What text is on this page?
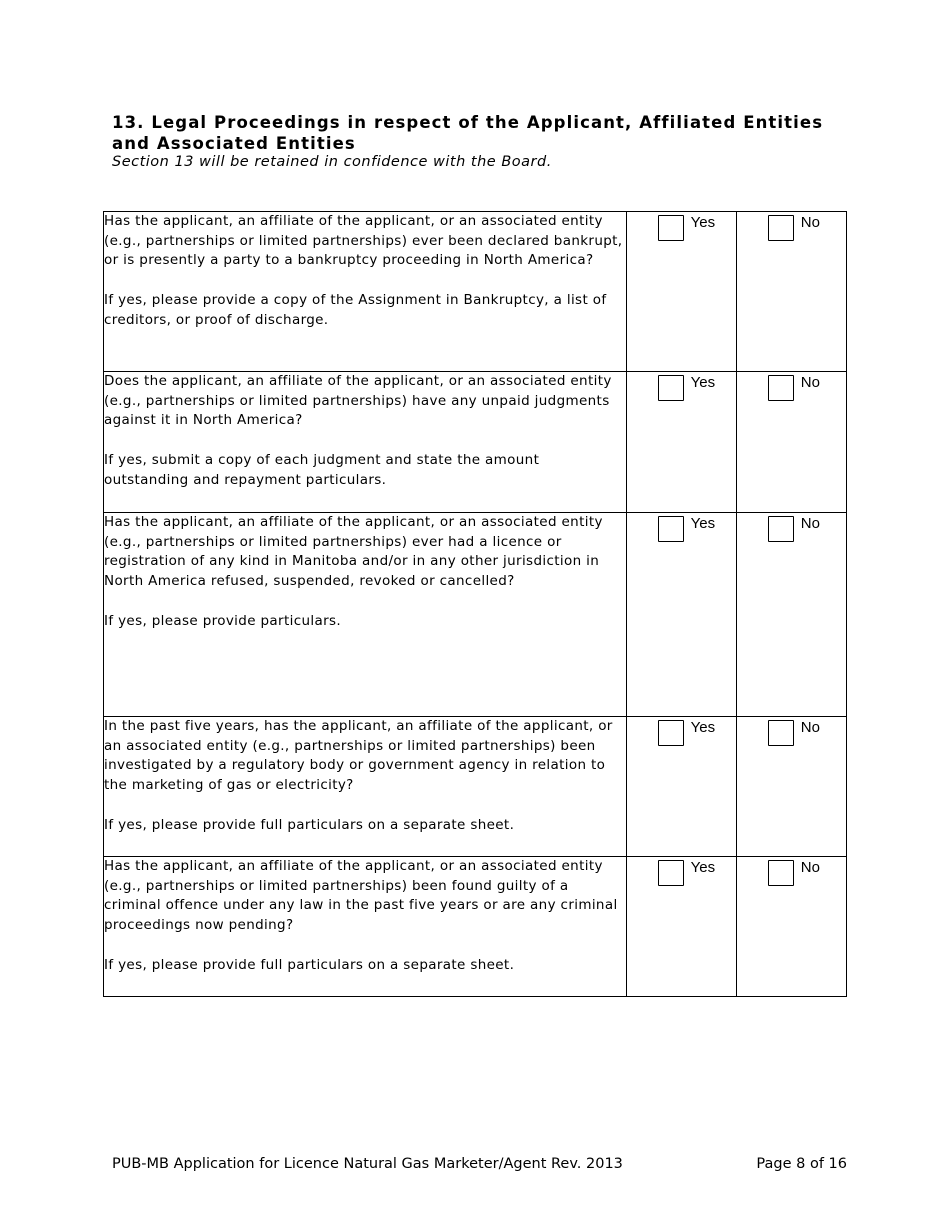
13. Legal Proceedings in respect of the Applicant, Affiliated Entities and Associated Entities
Section 13 will be retained in confidence with the Board.

Has the applicant, an affiliate of the applicant, or an associated entity (e.g., partnerships or limited partnerships) ever been declared bankrupt, or is presently a party to a bankruptcy proceeding in North America?

If yes, please provide a copy of the Assignment in Bankruptcy, a list of creditors, or proof of discharge.	Yes	No

Does the applicant, an affiliate of the applicant, or an associated entity (e.g., partnerships or limited partnerships) have any unpaid judgments against it in North America?

If yes, submit a copy of each judgment and state the amount outstanding and repayment particulars.	Yes	No

Has the applicant, an affiliate of the applicant, or an associated entity (e.g., partnerships or limited partnerships) ever had a licence or registration of any kind in Manitoba and/or in any other jurisdiction in North America refused, suspended, revoked or cancelled?

If yes, please provide particulars.	Yes	No

In the past five years, has the applicant, an affiliate of the applicant, or an associated entity (e.g., partnerships or limited partnerships) been investigated by a regulatory body or government agency in relation to the marketing of gas or electricity?

If yes, please provide full particulars on a separate sheet.	Yes	No

Has the applicant, an affiliate of the applicant, or an associated entity (e.g., partnerships or limited partnerships) been found guilty of a criminal offence under any law in the past five years or are any criminal proceedings now pending?

If yes, please provide full particulars on a separate sheet.	Yes	No
PUB-MB Application for Licence Natural Gas Marketer/Agent Rev. 2013	Page 8 of 16
